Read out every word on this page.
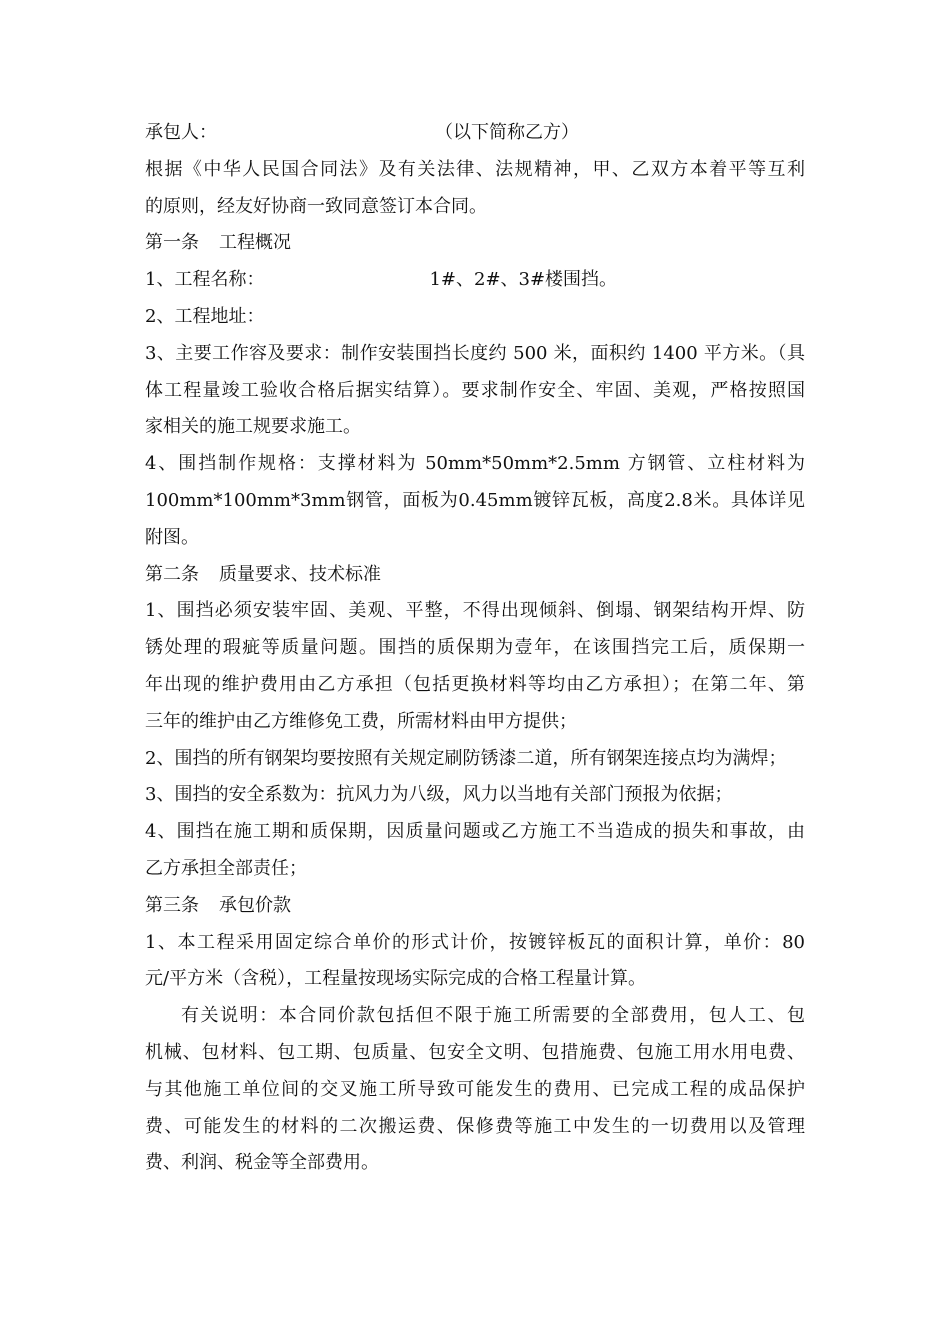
承包人：	（以下简称乙方）
根据《中华人民国合同法》及有关法律、法规精神，甲、乙双方本着平等互利
的原则，经友好协商一致同意签订本合同。
第一条 工程概况
1、工程名称：	1#、2#、3#楼围挡。
2、工程地址：
3、主要工作容及要求：制作安装围挡长度约 500 米，面积约 1400 平方米。（具
体工程量竣工验收合格后据实结算）。要求制作安全、牢固、美观，严格按照国
家相关的施工规要求施工。
4、围挡制作规格：支撑材料为 50mm*50mm*2.5mm 方钢管、立柱材料为
100mm*100mm*3mm钢管，面板为0.45mm镀锌瓦板，高度2.8米。具体详见
附图。
第二条 质量要求、技术标准
1、围挡必须安装牢固、美观、平整，不得出现倾斜、倒塌、钢架结构开焊、防
锈处理的瑕疵等质量问题。围挡的质保期为壹年，在该围挡完工后，质保期一
年出现的维护费用由乙方承担（包括更换材料等均由乙方承担）；在第二年、第
三年的维护由乙方维修免工费，所需材料由甲方提供；
2、围挡的所有钢架均要按照有关规定刷防锈漆二道，所有钢架连接点均为满焊；
3、围挡的安全系数为：抗风力为八级，风力以当地有关部门预报为依据；
4、围挡在施工期和质保期，因质量问题或乙方施工不当造成的损失和事故，由
乙方承担全部责任；
第三条 承包价款
1、本工程采用固定综合单价的形式计价，按镀锌板瓦的面积计算，单价：80
元/平方米（含税），工程量按现场实际完成的合格工程量计算。
有关说明：本合同价款包括但不限于施工所需要的全部费用，包人工、包
机械、包材料、包工期、包质量、包安全文明、包措施费、包施工用水用电费、
与其他施工单位间的交叉施工所导致可能发生的费用、已完成工程的成品保护
费、可能发生的材料的二次搬运费、保修费等施工中发生的一切费用以及管理
费、利润、税金等全部费用。
